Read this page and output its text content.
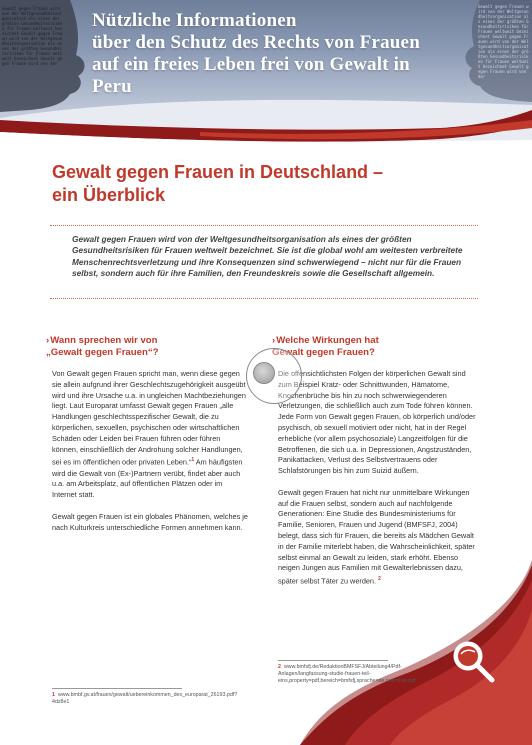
Gewalt gegen Frauen wird von der Weltgesundheitsorganisation als eines der größten Gesundheitsrisiken für Frauen weltweit bezeichnet Gewalt gegen Frauen wird von der Weltgesundheitsorganisation als eines der größten Gesundheitsrisiken für Frauen weltweit bezeichnet Gewalt gegen Frauen wird von der
Gewalt gegen Frauen wird von der Weltgesundheitsorganisation als eines der größten Gesundheitsrisiken für Frauen weltweit bezeichnet Gewalt gegen Frauen wird von der Weltgesundheitsorganisation als eines der größten Gesundheitsrisiken für Frauen weltweit bezeichnet Gewalt gegen Frauen wird von der
Nützliche Informationen
über den Schutz des Rechts von Frauen
auf ein freies Leben frei von Gewalt in
Peru
Gewalt gegen Frauen in Deutschland –
ein Überblick
Gewalt gegen Frauen wird von der Weltgesundheitsorganisation als eines der größten Gesundheitsrisiken für Frauen weltweit bezeichnet. Sie ist die global wohl am weitesten verbreitete Menschenrechtsverletzung und ihre Konsequenzen sind schwerwiegend – nicht nur für die Frauen selbst, sondern auch für ihre Familien, den Freundeskreis sowie die Gesellschaft allgemein.
›Wann sprechen wir von
„Gewalt gegen Frauen“?

Von Gewalt gegen Frauen spricht man, wenn diese gegen sie allein aufgrund ihrer Geschlechtszugehörigkeit ausgeübt wird und ihre Ursache u.a. in ungleichen Machtbeziehungen liegt. Laut Europarat umfasst Gewalt gegen Frauen „alle Handlungen geschlechtsspezifischer Gewalt, die zu körperlichen, sexuellen, psychischen oder wirtschaftlichen Schäden oder Leiden bei Frauen führen oder führen können, einschließlich der Androhung solcher Handlungen, sei es im öffentlichen oder privaten Leben.“$^1$ Am häufigsten wird die Gewalt von (Ex-)Partnern verübt, findet aber auch u.a. am Arbeitsplatz, auf öffentlichen Plätzen oder im Internet statt.

Gewalt gegen Frauen ist ein globales Phänomen, welches je nach Kulturkreis unterschiedliche Formen annehmen kann.

›Welche Wirkungen hat
Gewalt gegen Frauen?

Die offensichtlichsten Folgen der körperlichen Gewalt sind zum Beispiel Kratz- oder Schnittwunden, Hämatome, Knochenbrüche bis hin zu noch schwerwiegenderen Verletzungen, die schließlich auch zum Tode führen können. Jede Form von Gewalt gegen Frauen, ob körperlich und/oder psychisch, ob sexuell motiviert oder nicht, hat in der Regel erhebliche (vor allem psychosoziale) Langzeitfolgen für die Betroffenen, die sich u.a. in Depressionen, Angstzuständen, Panikattacken, Verlust des Selbstvertrauens oder Schlafstörungen bis hin zum Suizid äußern.

Gewalt gegen Frauen hat nicht nur unmittelbare Wirkungen auf die Frauen selbst, sondern auch auf nachfolgende Generationen: Eine Studie des Bundesministeriums für Familie, Senioren, Frauen und Jugend (BMFSFJ, 2004) belegt, dass sich für Frauen, die bereits als Mädchen Gewalt in der Familie miterlebt haben, die Wahrscheinlichkeit, später selbst einmal an Gewalt zu leiden, stark erhöht. Ebenso neigen Jungen aus Familien mit Gewalterlebnissen dazu, später selbst Täter zu werden. $^2$

1 www.bmbf.gv.at/frauen/gewalt/uebereinkommen_des_europarat_26193.pdf?4dz8e1
2 www.bmfsfj.de/RedaktionBMFSFJ/Abteilung4/Pdf-Anlagen/langfassung-studie-frauen-teil-eins,property=pdf,bereich=bmfsfj,sprache=de,rwb=true.pdf
